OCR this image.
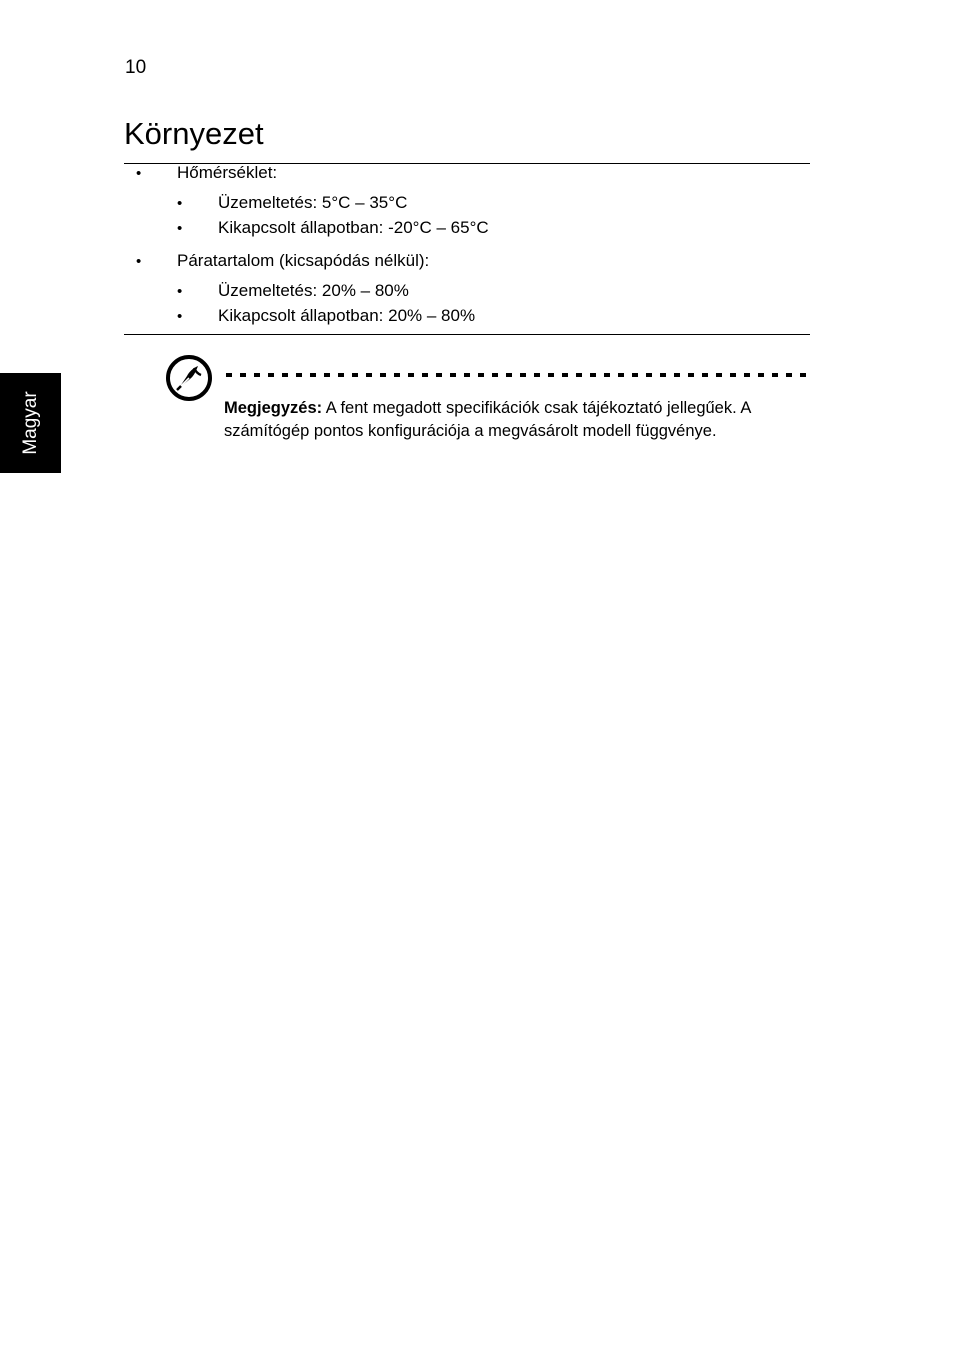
10
Környezet
• Hőmérséklet:
• Üzemeltetés: 5°C – 35°C
• Kikapcsolt állapotban: -20°C – 65°C
• Páratartalom (kicsapódás nélkül):
• Üzemeltetés: 20% – 80%
• Kikapcsolt állapotban: 20% – 80%
Magyar	Megjegyzés: A fent megadott specifikációk csak tájékoztató jellegűek. A számítógép pontos konfigurációja a megvásárolt modell függvénye.
